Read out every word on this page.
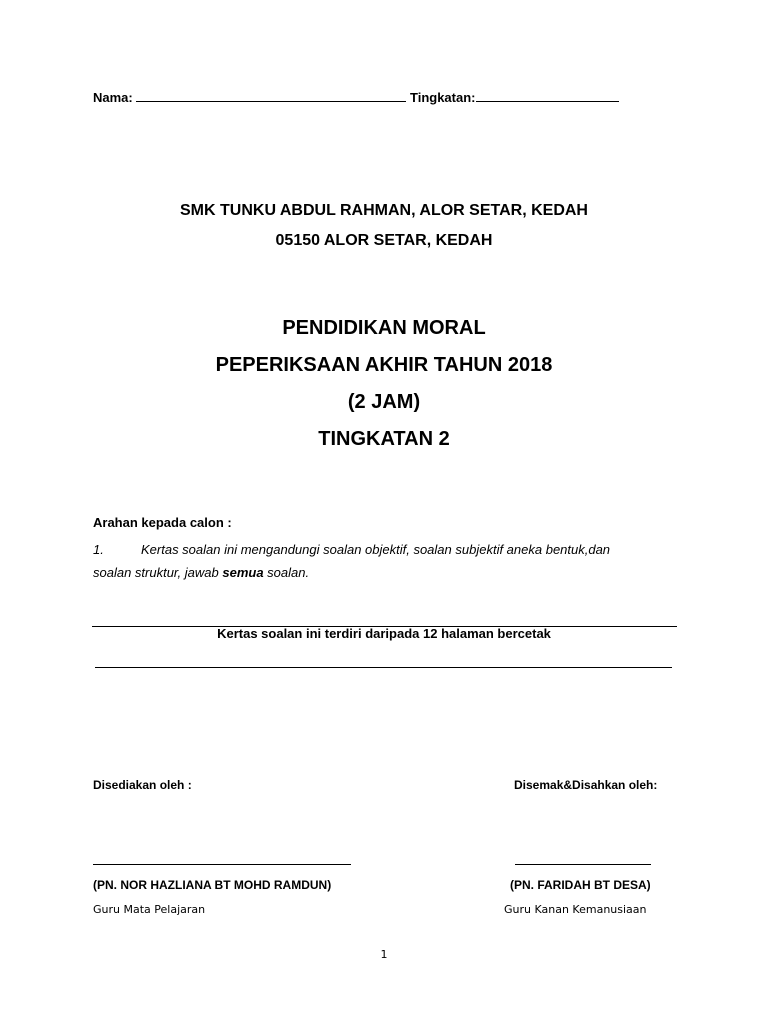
Nama:	Tingkatan:
SMK TUNKU ABDUL RAHMAN, ALOR SETAR, KEDAH
05150 ALOR SETAR, KEDAH
PENDIDIKAN MORAL
PEPERIKSAAN AKHIR TAHUN 2018
(2 JAM)
TINGKATAN 2
Arahan kepada calon :
1.	Kertas soalan ini mengandungi soalan objektif, soalan subjektif aneka bentuk,dan
soalan struktur, jawab semua soalan.
Kertas soalan ini terdiri daripada 12 halaman bercetak
Disediakan oleh :	Disemak&Disahkan oleh:
(PN. NOR HAZLIANA BT MOHD RAMDUN)	(PN. FARIDAH BT DESA)
Guru Mata Pelajaran	Guru Kanan Kemanusiaan
1
